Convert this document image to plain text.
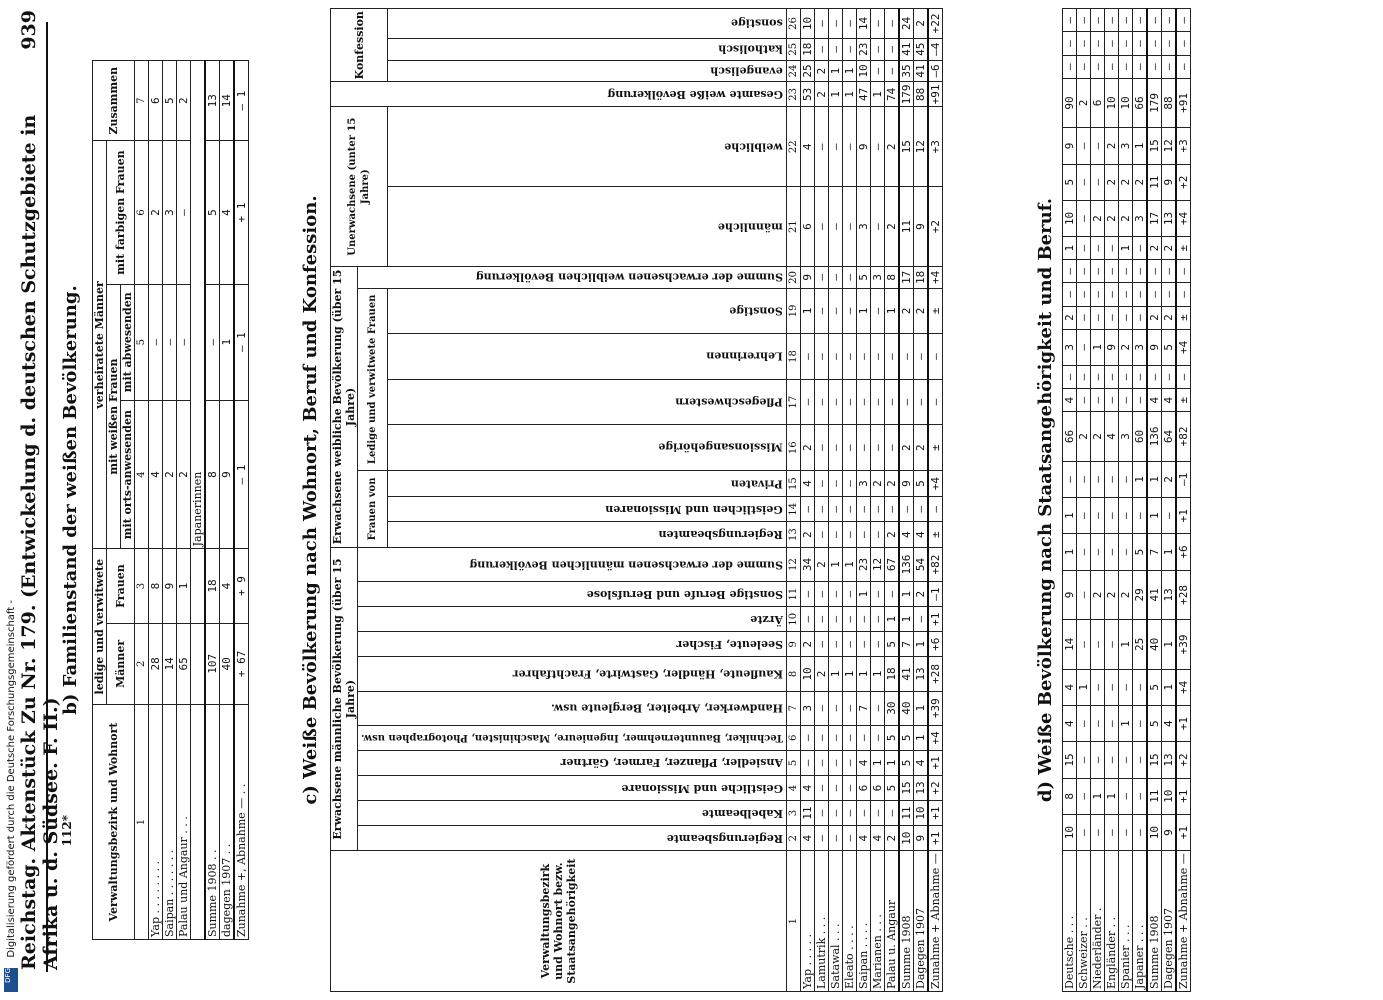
Reichstag. Aktenstück Zu Nr. 179. (Entwickelung d. deutschen Schutzgebiete in Afrika u. d. Südsee. F. II.)
939
b) Familienstand der weißen Bevölkerung.
Verwaltungsbezirk und Wohnort	ledige und verwitwete		verheiratete Männer			Zusammen
	Männer	Frauen	mit weißen Frauen		mit farbigen Frauen	
			mit orts-anwesenden	mit abwesenden		
1	2	3	4	5	6	7
Yap . . . . . . . .	28	8	4	—	2	6
Saipan . . . . . . .	14	9	2	—	3	5
Palau und Angaur . . .	65	1	2	—	—	2
			Japanerinnen			
Summe 1908 . .	107	18	8	—	5	13
dagegen 1907 . .	40	4	9	1	4	14
Zunahme +, Abnahme — . .	+ 67	+ 9	— 1	— 1	+ 1	— 1
c) Weiße Bevölkerung nach Wohnort, Beruf und Konfession.
Verwaltungsbezirk und Wohnort bezw. Staatsangehörigkeit	Erwachsene männliche Bevölkerung (über 15 Jahre)											Erwachsene weibliche Bevölkerung (über 15 Jahre)								Unerwachsene (unter 15 Jahre)		Gesamte weiße Bevölkerung	Konfession		
	Regierungsbeamte	Kabelbeamte	Geistliche und Missionare	Ansiedler, Pflanzer, Farmer, Gärtner	Techniker, Bauunternehmer, Ingenieure, Maschinisten, Photographen usw.	Handwerker, Arbeiter, Bergleute usw.	Kaufleute, Händler, Gastwirte, Frachtfahrer	Seeleute, Fischer	Ärzte	Sonstige Berufe und Berufslose	Summe der erwachsenen männlichen Bevölkerung	Frauen von			Ledige und verwitwete Frauen				Summe der erwachsenen weiblichen Bevölkerung						
												Regierungsbeamten	Geistlichen und Missionaren	Privaten	Missionsangehörige	Pflegeschwestern	Lehrerinnen	Sonstige		männliche	weibliche		evangelisch	katholisch	sonstige
1	2	3	4	5	6	7	8	9	10	11	12	13	14	15	16	17	18	19	20	21	22	23	24	25	26
Yap . . . . .	4	11	4	—	—	3	10	2	—	—	34	2	—	4	2	—	—	1	9	6	4	53	25	18	10
Lamutrik . . .	—	—	—	—	—	—	2	—	—	—	2	—	—	—	—	—	—	—	—	—	—	2	2	—	—
Satawal . . .	—	—	—	—	—	—	1	—	—	—	1	—	—	—	—	—	—	—	—	—	—	1	1	—	—
Eleato . . . .	—	—	—	—	—	—	1	—	—	—	1	—	—	—	—	—	—	—	—	—	—	1	1	—	—
Saipan . . . .	4	—	6	4	—	7	1	—	—	1	23	—	—	3	—	—	—	1	5	3	9	47	10	23	14
Marianen . . .	4	—	6	1	—	—	1	—	—	—	12	—	—	2	—	—	—	—	3	—	—	1	—	—	—
Palau u. Angaur	2	—	5	1	5	30	18	5	1	—	67	2	—	2	—	—	—	1	8	2	2	74	—	—	—
Summe 1908	10	11	15	5	5	40	41	7	1	1	136	4	—	9	2	—	—	2	17	11	15	179	35	41	24
Dagegen 1907	9	10	13	4	1	1	13	1	—	2	54	4	—	5	2	—	—	2	18	9	12	88	41	45	2
Zunahme + Abnahme —	+1	+1	+2	+1	+4	+39	+28	+6	+1	—1	+82	±	—	+4	±	—	—	±	+4	+2	+3	+91	—6	—4	+22
d) Weiße Bevölkerung nach Staatsangehörigkeit und Beruf.
Deutsche . . .	10	8	15	4	4	14	9	1	1	—	66	4	—	3	2	—	—	1	10	5	9	90	—	—	—
Schweizer . .	—	—	—	—	1	—	—	—	—	—	2	—	—	—	—	—	—	—	—	—	—	2	—	—	—
Niederländer .	—	1	—	—	—	—	2	—	—	—	2	—	—	1	—	—	—	—	2	—	—	6	—	—	—
Engländer . .	—	1	—	—	—	—	2	—	—	—	4	—	—	9	—	—	—	—	2	2	2	10	—	—	—
Spanier . . .	—	—	—	1	—	1	2	—	—	—	3	—	—	2	—	—	—	1	2	2	3	10	—	—	—
Japaner . . .	—	—	—	—	—	25	29	5	—	1	60	—	—	3	—	—	—	—	3	2	1	66	—	—	—
Summe 1908	10	11	15	5	5	40	41	7	1	1	136	4	—	9	2	—	—	2	17	11	15	179	—	—	—
Dagegen 1907	9	10	13	4	1	1	13	1	—	2	64	4	—	5	2	—	—	2	13	9	12	88	—	—	—
Zunahme + Abnahme —	+1	+1	+2	+1	+4	+39	+28	+6	+1	—1	+82	±	—	+4	±	—	—	±	+4	+2	+3	+91	—	—	—
112*
Digitalisierung gefördert durch die Deutsche Forschungsgemeinschaft -
DFG
